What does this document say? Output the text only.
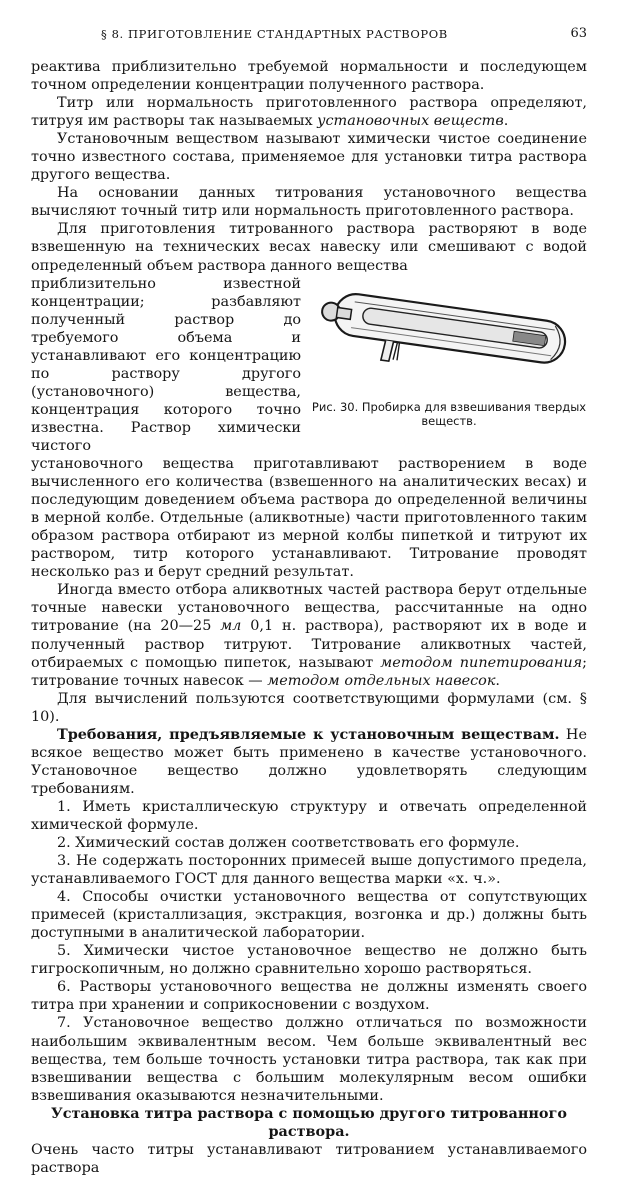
§ 8. ПРИГОТОВЛЕНИЕ СТАНДАРТНЫХ РАСТВОРОВ	63

реактива приблизительно требуемой нормальности и последующем точном определении концентрации полученного раствора.

Титр или нормальность приготовленного раствора определяют, титруя им растворы так называемых установочных веществ.

Установочным веществом называют химически чистое соединение точно известного состава, применяемое для установки титра раствора другого вещества.

На основании данных титрования установочного вещества вычисляют точный титр или нормальность приготовленного раствора.

Для приготовления титрованного раствора растворяют в воде взвешенную на технических весах навеску или смешивают с водой определенный объем раствора данного вещества

Рис. 30. Пробирка для взвешивания твердых веществ.

приблизительно известной концентрации; разбавляют полученный раствор до требуемого объема и устанавливают его концентрацию по раствору другого (установочного) вещества, концентрация которого точно известна. Раствор химически чистого

установочного вещества приготавливают растворением в воде вычисленного его количества (взвешенного на аналитических весах) и последующим доведением объема раствора до определенной величины в мерной колбе. Отдельные (аликвотные) части приготовленного таким образом раствора отбирают из мерной колбы пипеткой и титруют их раствором, титр которого устанавливают. Титрование проводят несколько раз и берут средний результат.

Иногда вместо отбора аликвотных частей раствора берут отдельные точные навески установочного вещества, рассчитанные на одно титрование (на 20—25 мл 0,1 н. раствора), растворяют их в воде и полученный раствор титруют. Титрование аликвотных частей, отбираемых с помощью пипеток, называют методом пипетирования; титрование точных навесок — методом отдельных навесок.

Для вычислений пользуются соответствующими формулами (см. § 10).

Требования, предъявляемые к установочным веществам. Не всякое вещество может быть применено в качестве установочного. Установочное вещество должно удовлетворять следующим требованиям.

1. Иметь кристаллическую структуру и отвечать определенной химической формуле.

2. Химический состав должен соответствовать его формуле.

3. Не содержать посторонних примесей выше допустимого предела, устанавливаемого ГОСТ для данного вещества марки «х. ч.».

4. Способы очистки установочного вещества от сопутствующих примесей (кристаллизация, экстракция, возгонка и др.) должны быть доступными в аналитической лаборатории.

5. Химически чистое установочное вещество не должно быть гигроскопичным, но должно сравнительно хорошо растворяться.

6. Растворы установочного вещества не должны изменять своего титра при хранении и соприкосновении с воздухом.

7. Установочное вещество должно отличаться по возможности наибольшим эквивалентным весом. Чем больше эквивалентный вес вещества, тем больше точность установки титра раствора, так как при взвешивании вещества с большим молекулярным весом ошибки взвешивания оказываются незначительными.

Установка титра раствора с помощью другого титрованного раствора.

Очень часто титры устанавливают титрованием устанавливаемого раствора
